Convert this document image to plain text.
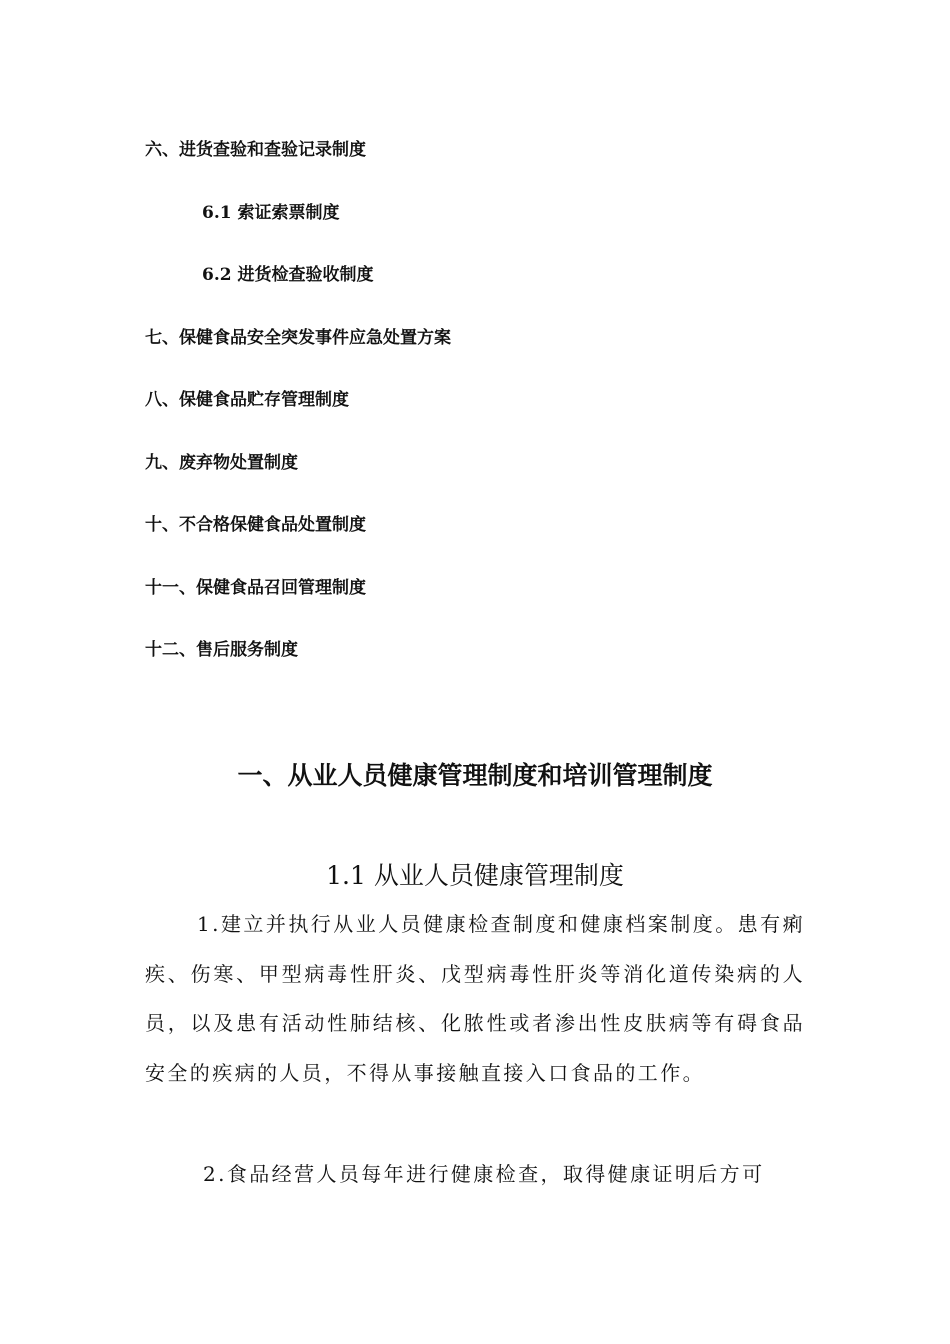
六、进货查验和查验记录制度
6.1 索证索票制度
6.2 进货检查验收制度
七、保健食品安全突发事件应急处置方案
八、保健食品贮存管理制度
九、废弃物处置制度
十、不合格保健食品处置制度
十一、保健食品召回管理制度
十二、售后服务制度
一、从业人员健康管理制度和培训管理制度
1.1 从业人员健康管理制度

1.建立并执行从业人员健康检查制度和健康档案制度。患有痢疾、伤寒、甲型病毒性肝炎、戊型病毒性肝炎等消化道传染病的人员，以及患有活动性肺结核、化脓性或者渗出性皮肤病等有碍食品安全的疾病的人员，不得从事接触直接入口食品的工作。

2.食品经营人员每年进行健康检查，取得健康证明后方可
